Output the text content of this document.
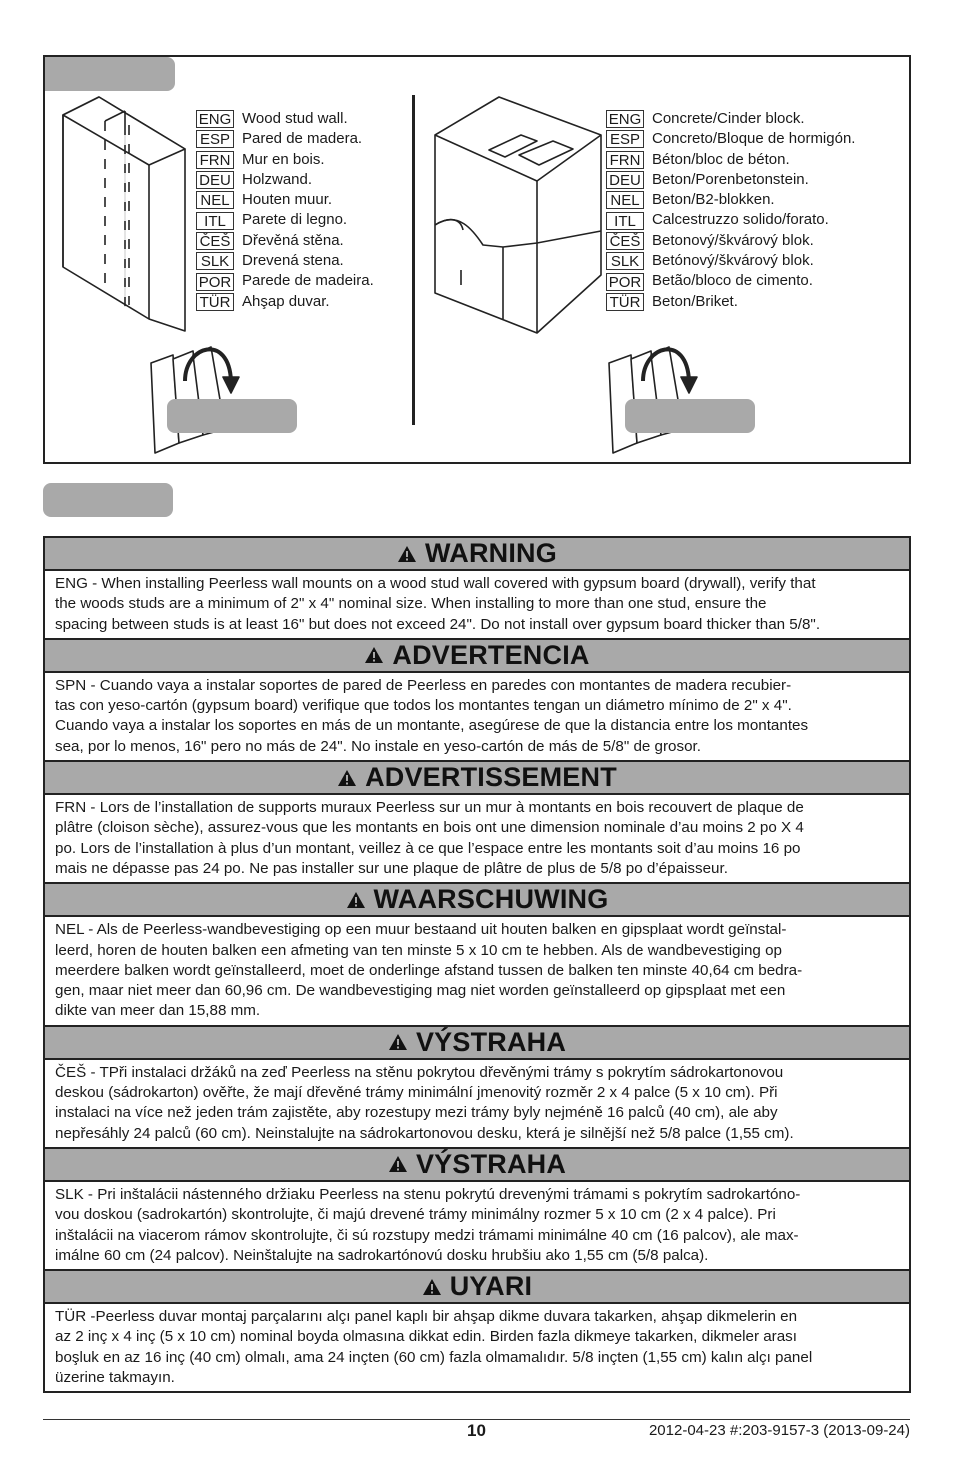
ENG Wood stud wall.
ESP Pared de madera.
FRN Mur en bois.
DEU Holzwand.
NEL Houten muur.
ITL	Parete di legno.
ČEŠ Dřevěná stěna.
SLK Drevená stena.
POR Parede de madeira.
TÜR Ahşap duvar.
ENG Concrete/Cinder block.
ESP Concreto/Bloque de hormigón.
FRN Béton/bloc de béton.
DEU Beton/Porenbetonstein.
NEL Beton/B2-blokken.
ITL	Calcestruzzo solido/forato.
ČEŠ Betonový/škvárový blok.
SLK Betónový/škvárový blok.
POR Betão/bloco de cimento.
TÜR Beton/Briket.
WARNING
ENG - When installing Peerless wall mounts on a wood stud wall covered with gypsum board (drywall), verify that
the woods studs are a minimum of 2" x 4" nominal size. When installing to more than one stud, ensure the
spacing between studs is at least 16" but does not exceed 24". Do not install over gypsum board thicker than 5/8".
ADVERTENCIA
SPN - Cuando vaya a instalar soportes de pared de Peerless en paredes con montantes de madera recubier-
tas con yeso-cartón (gypsum board) verifique que todos los montantes tengan un diámetro mínimo de 2" x 4".
Cuando vaya a instalar los soportes en más de un montante, asegúrese de que la distancia entre los montantes
sea, por lo menos, 16" pero no más de 24". No instale en yeso-cartón de más de 5/8" de grosor.
ADVERTISSEMENT
FRN - Lors de l’installation de supports muraux Peerless sur un mur à montants en bois recouvert de plaque de
plâtre (cloison sèche), assurez-vous que les montants en bois ont une dimension nominale d’au moins 2 po X 4
po. Lors de l’installation à plus d’un montant, veillez à ce que l’espace entre les montants soit d’au moins 16 po
mais ne dépasse pas 24 po. Ne pas installer sur une plaque de plâtre de plus de 5/8 po d’épaisseur.
WAARSCHUWING
NEL - Als de Peerless-wandbevestiging op een muur bestaand uit houten balken en gipsplaat wordt geïnstal-
leerd, horen de houten balken een afmeting van ten minste 5 x 10 cm te hebben. Als de wandbevestiging op
meerdere balken wordt geïnstalleerd, moet de onderlinge afstand tussen de balken ten minste 40,64 cm bedra-
gen, maar niet meer dan 60,96 cm. De wandbevestiging mag niet worden geïnstalleerd op gipsplaat met een
dikte van meer dan 15,88 mm.
VÝSTRAHA
ČEŠ - TPři instalaci držáků na zeď Peerless na stěnu pokrytou dřevěnými trámy s pokrytím sádrokartonovou
deskou (sádrokarton) ověřte, že mají dřevěné trámy minimální jmenovitý rozměr 2 x 4 palce (5 x 10 cm). Při
instalaci na více než jeden trám zajistěte, aby rozestupy mezi trámy byly nejméně 16 palců (40 cm), ale aby
nepřesáhly 24 palců (60 cm). Neinstalujte na sádrokartonovou desku, která je silnější než 5/8 palce (1,55 cm).
VÝSTRAHA
SLK - Pri inštalácii nástenného držiaku Peerless na stenu pokrytú drevenými trámami s pokrytím sadrokartóno-
vou doskou (sadrokartón) skontrolujte, či majú drevené trámy minimálny rozmer 5 x 10 cm (2 x 4 palce). Pri
inštalácii na viacerom rámov skontrolujte, či sú rozstupy medzi trámami minimálne 40 cm (16 palcov), ale max-
imálne 60 cm (24 palcov). Neinštalujte na sadrokartónovú dosku hrubšiu ako 1,55 cm (5/8 palca).
UYARI
TÜR -Peerless duvar montaj parçalarını alçı panel kaplı bir ahşap dikme duvara takarken, ahşap dikmelerin en
az 2 inç x 4 inç (5 x 10 cm) nominal boyda olmasına dikkat edin. Birden fazla dikmeye takarken, dikmeler arası
boşluk en az 16 inç (40 cm) olmalı, ama 24 inçten (60 cm) fazla olmamalıdır. 5/8 inçten (1,55 cm) kalın alçı panel
üzerine takmayın.
10	2012-04-23 #:203-9157-3 (2013-09-24)
